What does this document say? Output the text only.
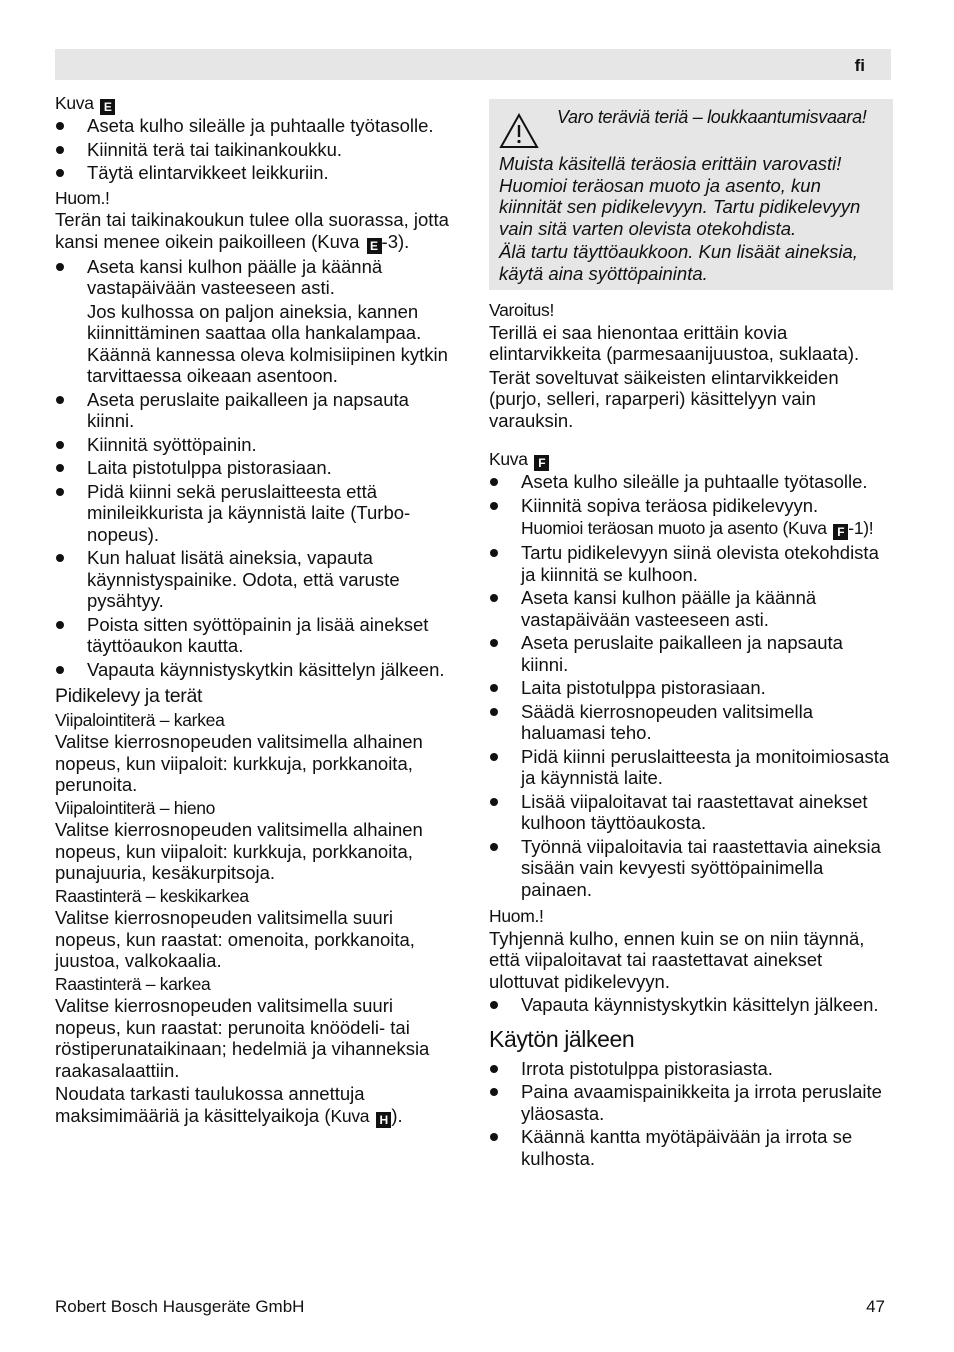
fi
Kuva E
Aseta kulho sileälle ja puhtaalle työtasolle.
Kiinnitä terä tai taikinankoukku.
Täytä elintarvikkeet leikkuriin.
Huom.!

Terän tai taikinakoukun tulee olla suorassa, jotta kansi menee oikein paikoilleen (Kuva E -3).

Aseta kansi kulhon päälle ja käännä vastapäivään vasteeseen asti.
Jos kulhossa on paljon aineksia, kannen kiinnittäminen saattaa olla hankalampaa. Käännä kannessa oleva kolmisiipinen kytkin tarvittaessa oikeaan asentoon.
Aseta peruslaite paikalleen ja napsauta kiinni.
Kiinnitä syöttöpainin.
Laita pistotulppa pistorasiaan.
Pidä kiinni sekä peruslaitteesta että minileikkurista ja käynnistä laite (Turbo-nopeus).
Kun haluat lisätä aineksia, vapauta käynnistyspainike. Odota, että varuste pysähtyy.
Poista sitten syöttöpainin ja lisää ainekset täyttöaukon kautta.
Vapauta käynnistyskytkin käsittelyn jälkeen.
Pidikelevy ja terät
Viipalointiterä – karkea

Valitse kierrosnopeuden valitsimella alhainen nopeus, kun viipaloit: kurkkuja, porkkanoita, perunoita.

Viipalointiterä – hieno

Valitse kierrosnopeuden valitsimella alhainen nopeus, kun viipaloit: kurkkuja, porkkanoita, punajuuria, kesäkurpitsoja.

Raastinterä – keskikarkea

Valitse kierrosnopeuden valitsimella suuri nopeus, kun raastat: omenoita, porkkanoita, juustoa, valkokaalia.

Raastinterä – karkea

Valitse kierrosnopeuden valitsimella suuri nopeus, kun raastat: perunoita knöödeli- tai röstiperunataikinaan; hedelmiä ja vihanneksia raakasalaattiin.

Noudata tarkasti taulukossa annettuja maksimimääriä ja käsittelyaikoja (Kuva H ).

Varo teräviä teriä – loukkaantumisvaara!

Muista käsitellä teräosia erittäin varovasti! Huomioi teräosan muoto ja asento, kun kiinnität sen pidikelevyyn. Tartu pidikelevyyn vain sitä varten olevista otekohdista.

Älä tartu täyttöaukkoon. Kun lisäät aineksia, käytä aina syöttöpaininta.

Varoitus!

Terillä ei saa hienontaa erittäin kovia elintarvikkeita (parmesaanijuustoa, suklaata).

Terät soveltuvat säikeisten elintarvikkeiden (purjo, selleri, raparperi) käsittelyyn vain varauksin.

Kuva F
Aseta kulho sileälle ja puhtaalle työtasolle.
Kiinnitä sopiva teräosa pidikelevyyn.
Huomioi teräosan muoto ja asento (Kuva F -1)!
Tartu pidikelevyyn siinä olevista otekohdista ja kiinnitä se kulhoon.
Aseta kansi kulhon päälle ja käännä vastapäivään vasteeseen asti.
Aseta peruslaite paikalleen ja napsauta kiinni.
Laita pistotulppa pistorasiaan.
Säädä kierrosnopeuden valitsimella haluamasi teho.
Pidä kiinni peruslaitteesta ja monitoimiosasta ja käynnistä laite.
Lisää viipaloitavat tai raastettavat ainekset kulhoon täyttöaukosta.
Työnnä viipaloitavia tai raastettavia aineksia sisään vain kevyesti syöttöpainimella painaen.
Huom.!

Tyhjennä kulho, ennen kuin se on niin täynnä, että viipaloitavat tai raastettavat ainekset ulottuvat pidikelevyyn.

Vapauta käynnistyskytkin käsittelyn jälkeen.
Käytön jälkeen
Irrota pistotulppa pistorasiasta.
Paina avaamispainikkeita ja irrota peruslaite yläosasta.
Käännä kantta myötäpäivään ja irrota se kulhosta.
Robert Bosch Hausgeräte GmbH	47
